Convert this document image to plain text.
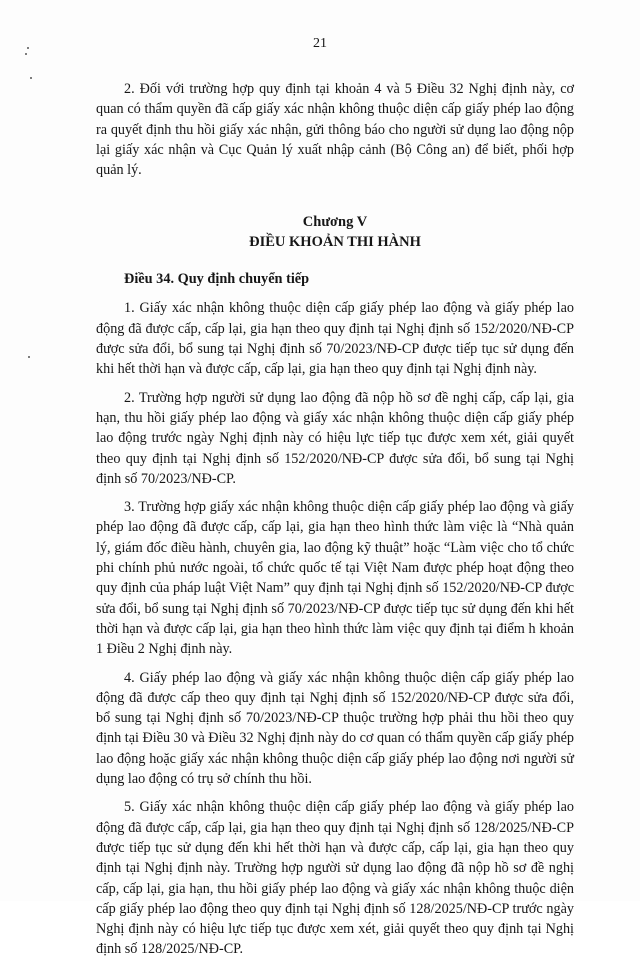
21

2. Đối với trường hợp quy định tại khoản 4 và 5 Điều 32 Nghị định này, cơ quan có thẩm quyền đã cấp giấy xác nhận không thuộc diện cấp giấy phép lao động ra quyết định thu hồi giấy xác nhận, gửi thông báo cho người sử dụng lao động nộp lại giấy xác nhận và Cục Quản lý xuất nhập cảnh (Bộ Công an) để biết, phối hợp quản lý.

Chương V
ĐIỀU KHOẢN THI HÀNH
Điều 34. Quy định chuyển tiếp

1. Giấy xác nhận không thuộc diện cấp giấy phép lao động và giấy phép lao động đã được cấp, cấp lại, gia hạn theo quy định tại Nghị định số 152/2020/NĐ-CP được sửa đổi, bổ sung tại Nghị định số 70/2023/NĐ-CP được tiếp tục sử dụng đến khi hết thời hạn và được cấp, cấp lại, gia hạn theo quy định tại Nghị định này.

2. Trường hợp người sử dụng lao động đã nộp hồ sơ đề nghị cấp, cấp lại, gia hạn, thu hồi giấy phép lao động và giấy xác nhận không thuộc diện cấp giấy phép lao động trước ngày Nghị định này có hiệu lực tiếp tục được xem xét, giải quyết theo quy định tại Nghị định số 152/2020/NĐ-CP được sửa đổi, bổ sung tại Nghị định số 70/2023/NĐ-CP.

3. Trường hợp giấy xác nhận không thuộc diện cấp giấy phép lao động và giấy phép lao động đã được cấp, cấp lại, gia hạn theo hình thức làm việc là “Nhà quản lý, giám đốc điều hành, chuyên gia, lao động kỹ thuật” hoặc “Làm việc cho tổ chức phi chính phủ nước ngoài, tổ chức quốc tế tại Việt Nam được phép hoạt động theo quy định của pháp luật Việt Nam” quy định tại Nghị định số 152/2020/NĐ-CP được sửa đổi, bổ sung tại Nghị định số 70/2023/NĐ-CP được tiếp tục sử dụng đến khi hết thời hạn và được cấp lại, gia hạn theo hình thức làm việc quy định tại điểm h khoản 1 Điều 2 Nghị định này.

4. Giấy phép lao động và giấy xác nhận không thuộc diện cấp giấy phép lao động đã được cấp theo quy định tại Nghị định số 152/2020/NĐ-CP được sửa đổi, bổ sung tại Nghị định số 70/2023/NĐ-CP thuộc trường hợp phải thu hồi theo quy định tại Điều 30 và Điều 32 Nghị định này do cơ quan có thẩm quyền cấp giấy phép lao động hoặc giấy xác nhận không thuộc diện cấp giấy phép lao động nơi người sử dụng lao động có trụ sở chính thu hồi.

5. Giấy xác nhận không thuộc diện cấp giấy phép lao động và giấy phép lao động đã được cấp, cấp lại, gia hạn theo quy định tại Nghị định số 128/2025/NĐ-CP được tiếp tục sử dụng đến khi hết thời hạn và được cấp, cấp lại, gia hạn theo quy định tại Nghị định này. Trường hợp người sử dụng lao động đã nộp hồ sơ đề nghị cấp, cấp lại, gia hạn, thu hồi giấy phép lao động và giấy xác nhận không thuộc diện cấp giấy phép lao động theo quy định tại Nghị định số 128/2025/NĐ-CP trước ngày Nghị định này có hiệu lực tiếp tục được xem xét, giải quyết theo quy định tại Nghị định số 128/2025/NĐ-CP.
